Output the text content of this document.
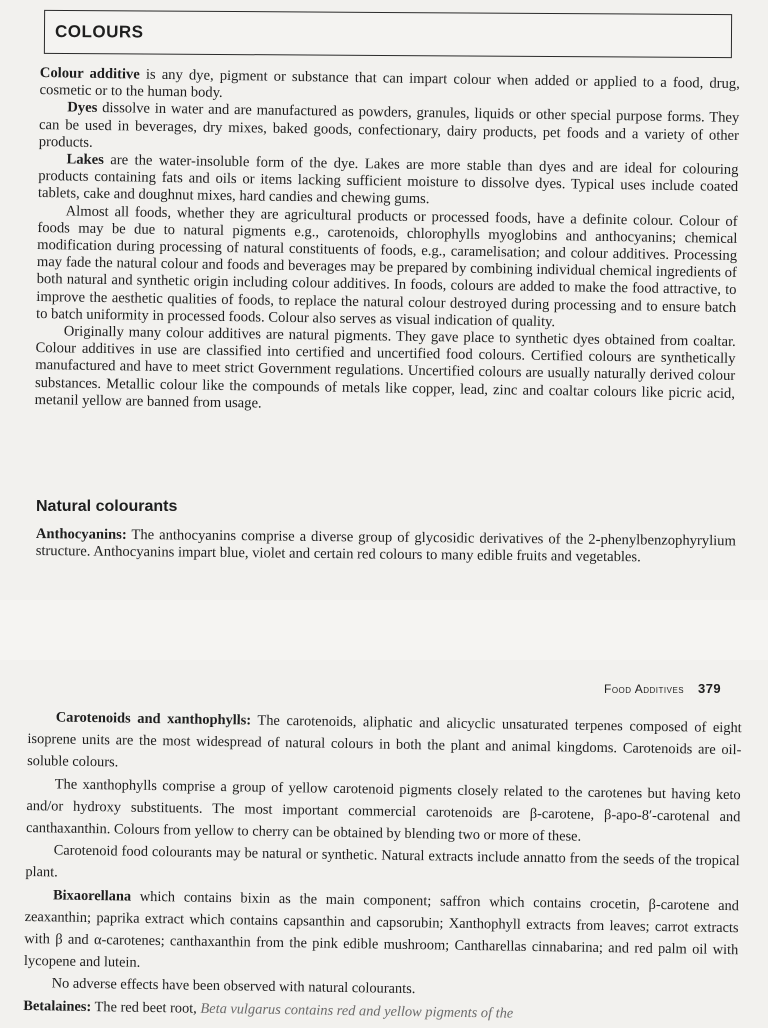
COLOURS

Colour additive is any dye, pigment or substance that can impart colour when added or applied to a food, drug, cosmetic or to the human body.

Dyes dissolve in water and are manufactured as powders, granules, liquids or other special purpose forms. They can be used in beverages, dry mixes, baked goods, confectionary, dairy products, pet foods and a variety of other products.

Lakes are the water-insoluble form of the dye. Lakes are more stable than dyes and are ideal for colouring products containing fats and oils or items lacking sufficient moisture to dissolve dyes. Typical uses include coated tablets, cake and doughnut mixes, hard candies and chewing gums.

Almost all foods, whether they are agricultural products or processed foods, have a definite colour. Colour of foods may be due to natural pigments e.g., carotenoids, chlorophylls myoglobins and anthocyanins; chemical modification during processing of natural constituents of foods, e.g., caramelisation; and colour additives. Processing may fade the natural colour and foods and beverages may be prepared by combining individual chemical ingredients of both natural and synthetic origin including colour additives. In foods, colours are added to make the food attractive, to improve the aesthetic qualities of foods, to replace the natural colour destroyed during processing and to ensure batch to batch uniformity in processed foods. Colour also serves as visual indication of quality.

Originally many colour additives are natural pigments. They gave place to synthetic dyes obtained from coaltar. Colour additives in use are classified into certified and uncertified food colours. Certified colours are synthetically manufactured and have to meet strict Government regulations. Uncertified colours are usually naturally derived colour substances. Metallic colour like the compounds of metals like copper, lead, zinc and coaltar colours like picric acid, metanil yellow are banned from usage.

Natural colourants

Anthocyanins: The anthocyanins comprise a diverse group of glycosidic derivatives of the 2-phenylbenzophyrylium structure. Anthocyanins impart blue, violet and certain red colours to many edible fruits and vegetables.

Food Additives 379

Carotenoids and xanthophylls: The carotenoids, aliphatic and alicyclic unsaturated terpenes composed of eight isoprene units are the most widespread of natural colours in both the plant and animal kingdoms. Carotenoids are oil-soluble colours.

The xanthophylls comprise a group of yellow carotenoid pigments closely related to the carotenes but having keto and/or hydroxy substituents. The most important commercial carotenoids are β-carotene, β-apo-8′-carotenal and canthaxanthin. Colours from yellow to cherry can be obtained by blending two or more of these.

Carotenoid food colourants may be natural or synthetic. Natural extracts include annatto from the seeds of the tropical plant.

Bixaorellana which contains bixin as the main component; saffron which contains crocetin, β-carotene and zeaxanthin; paprika extract which contains capsanthin and capsorubin; Xanthophyll extracts from leaves; carrot extracts with β and α-carotenes; canthaxanthin from the pink edible mushroom; Cantharellas cinnabarina; and red palm oil with lycopene and lutein.

No adverse effects have been observed with natural colourants.

Betalaines: The red beet root, Beta vulgarus contains red and yellow pigments of the
